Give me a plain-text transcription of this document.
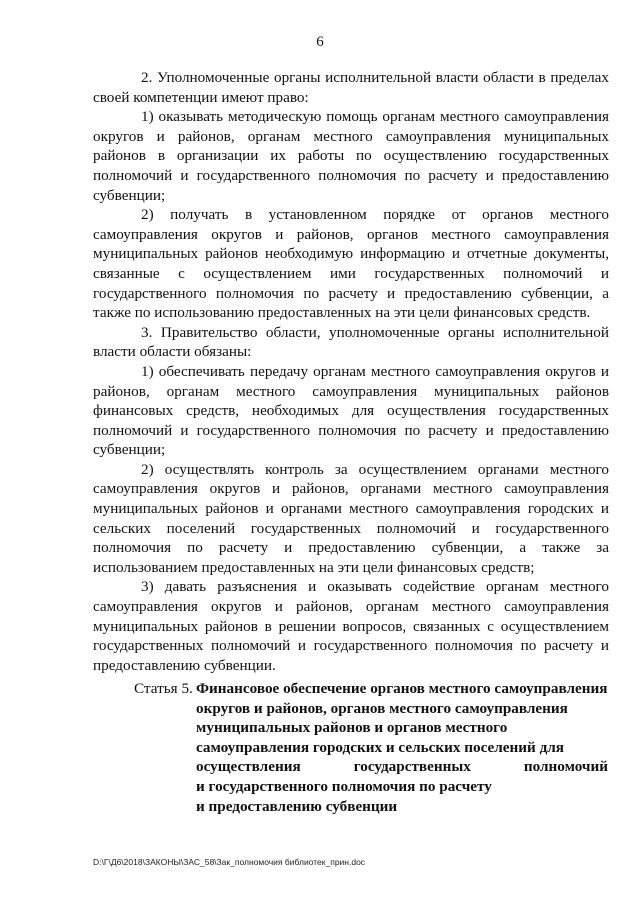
6

2. Уполномоченные органы исполнительной власти области в пределах своей компетенции имеют право:

1) оказывать методическую помощь органам местного самоуправления округов и районов, органам местного самоуправления муниципальных районов в организации их работы по осуществлению государственных полномочий и государственного полномочия по расчету и предоставлению субвенции;

2) получать в установленном порядке от органов местного самоуправления округов и районов, органов местного самоуправления муниципальных районов необходимую информацию и отчетные документы, связанные с осуществлением ими государственных полномочий и государственного полномочия по расчету и предоставлению субвенции, а также по использованию предоставленных на эти цели финансовых средств.

3. Правительство области, уполномоченные органы исполнительной власти области обязаны:

1) обеспечивать передачу органам местного самоуправления округов и районов, органам местного самоуправления муниципальных районов финансовых средств, необходимых для осуществления государственных полномочий и государственного полномочия по расчету и предоставлению субвенции;

2) осуществлять контроль за осуществлением органами местного самоуправления округов и районов, органами местного самоуправления муниципальных районов и органами местного самоуправления городских и сельских поселений государственных полномочий и государственного полномочия по расчету и предоставлению субвенции, а также за использованием предоставленных на эти цели финансовых средств;

3) давать разъяснения и оказывать содействие органам местного самоуправления округов и районов, органам местного самоуправления муниципальных районов в решении вопросов, связанных с осуществлением государственных полномочий и государственного полномочия по расчету и предоставлению субвенции.

Статья 5. Финансовое обеспечение органов местного самоуправления
округов и районов, органов местного самоуправления
муниципальных районов и органов местного
самоуправления городских и сельских поселений для
осуществления государственных полномочий
и государственного полномочия по расчету
и предоставлению субвенции
D:\Г\Д6\2018\ЗАКОНЫ\ЗАС_58\Зак_полномочия библиотек_прин.doc
